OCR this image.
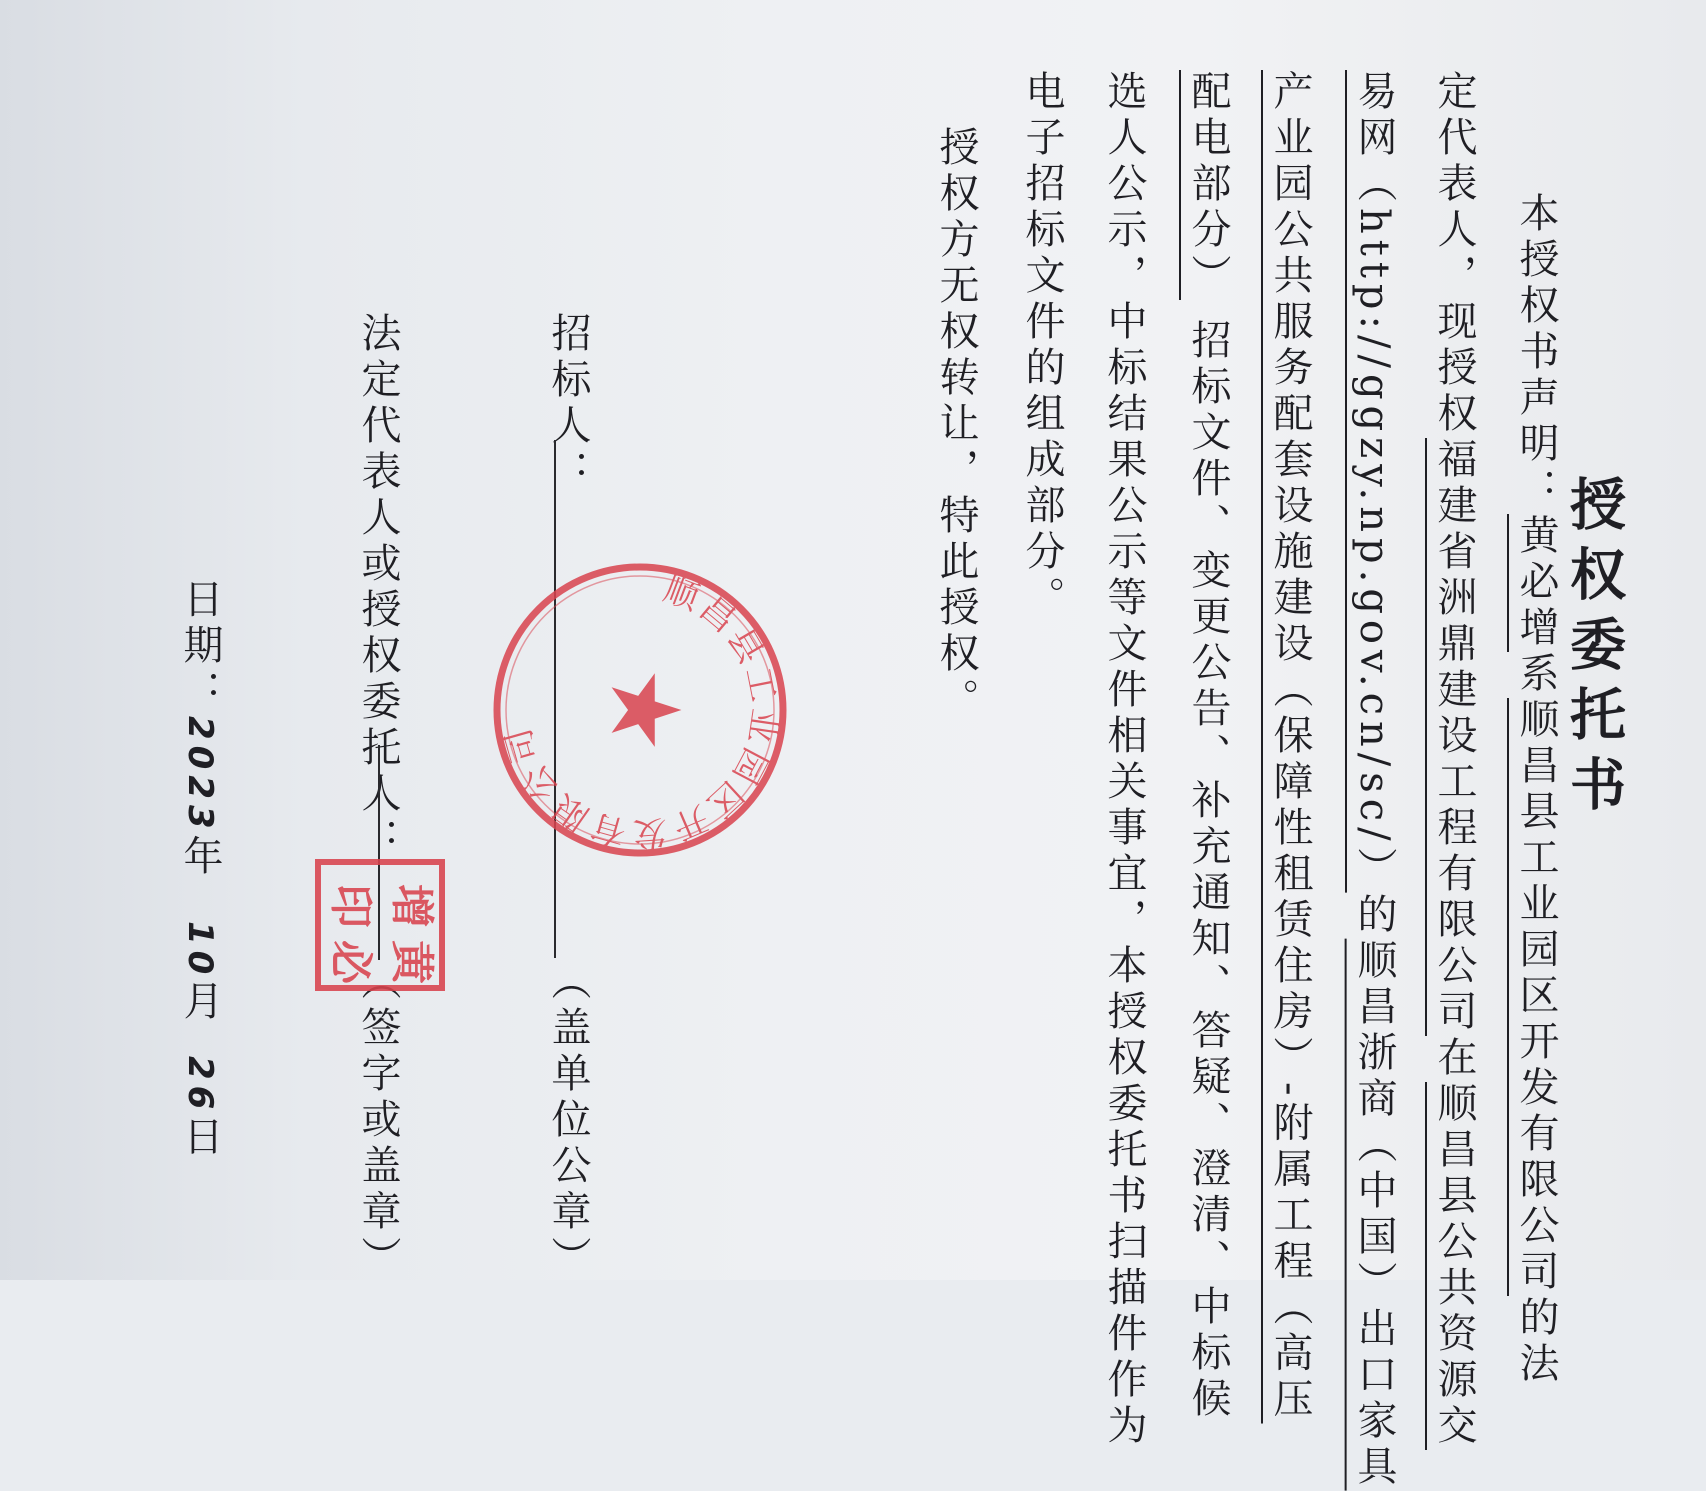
授权委托书
本授权书声明：黄必增系顺昌县工业园区开发有限公司的法
定代表人，现授权福建省洲鼎建设工程有限公司在顺昌县公共资源交
易网（http://ggzy.np.gov.cn/sc/）的顺昌浙商（中国）出口家具
产业园公共服务配套设施建设（保障性租赁住房）-附属工程（高压
配电部分） 招标文件、变更公告、补充通知、答疑、澄清、中标候
选人公示，中标结果公示等文件相关事宜，本授权委托书扫描件作为
电子招标文件的组成部分。
授权方无权转让，特此授权。
招标人：
（盖单位公章）
法定代表人或授权委托人：
（签字或盖章）
日期：2023年10月26日
顺昌县工业园区开发有限公司 ★
增
黄
印
必
